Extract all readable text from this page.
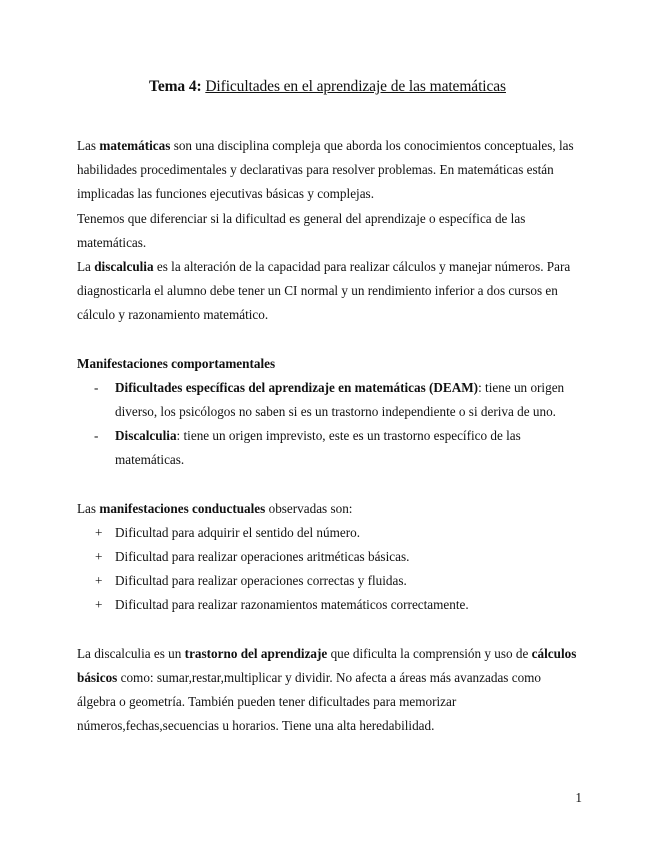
Tema 4: Dificultades en el aprendizaje de las matemáticas

Las matemáticas son una disciplina compleja que aborda los conocimientos conceptuales, las habilidades procedimentales y declarativas para resolver problemas. En matemáticas están implicadas las funciones ejecutivas básicas y complejas.

Tenemos que diferenciar si la dificultad es general del aprendizaje o específica de las matemáticas.

La discalculia es la alteración de la capacidad para realizar cálculos y manejar números. Para diagnosticarla el alumno debe tener un CI normal y un rendimiento inferior a dos cursos en cálculo y razonamiento matemático.

Manifestaciones comportamentales

- Dificultades específicas del aprendizaje en matemáticas (DEAM): tiene un origen diverso, los psicólogos no saben si es un trastorno independiente o si deriva de uno.
- Discalculia: tiene un origen imprevisto, este es un trastorno específico de las matemáticas.

Las manifestaciones conductuales observadas son:

+ Dificultad para adquirir el sentido del número.
+ Dificultad para realizar operaciones aritméticas básicas.
+ Dificultad para realizar operaciones correctas y fluidas.
+ Dificultad para realizar razonamientos matemáticos correctamente.

La discalculia es un trastorno del aprendizaje que dificulta la comprensión y uso de cálculos básicos como: sumar,restar,multiplicar y dividir. No afecta a áreas más avanzadas como álgebra o geometría. También pueden tener dificultades para memorizar números,fechas,secuencias u horarios. Tiene una alta heredabilidad.

1
